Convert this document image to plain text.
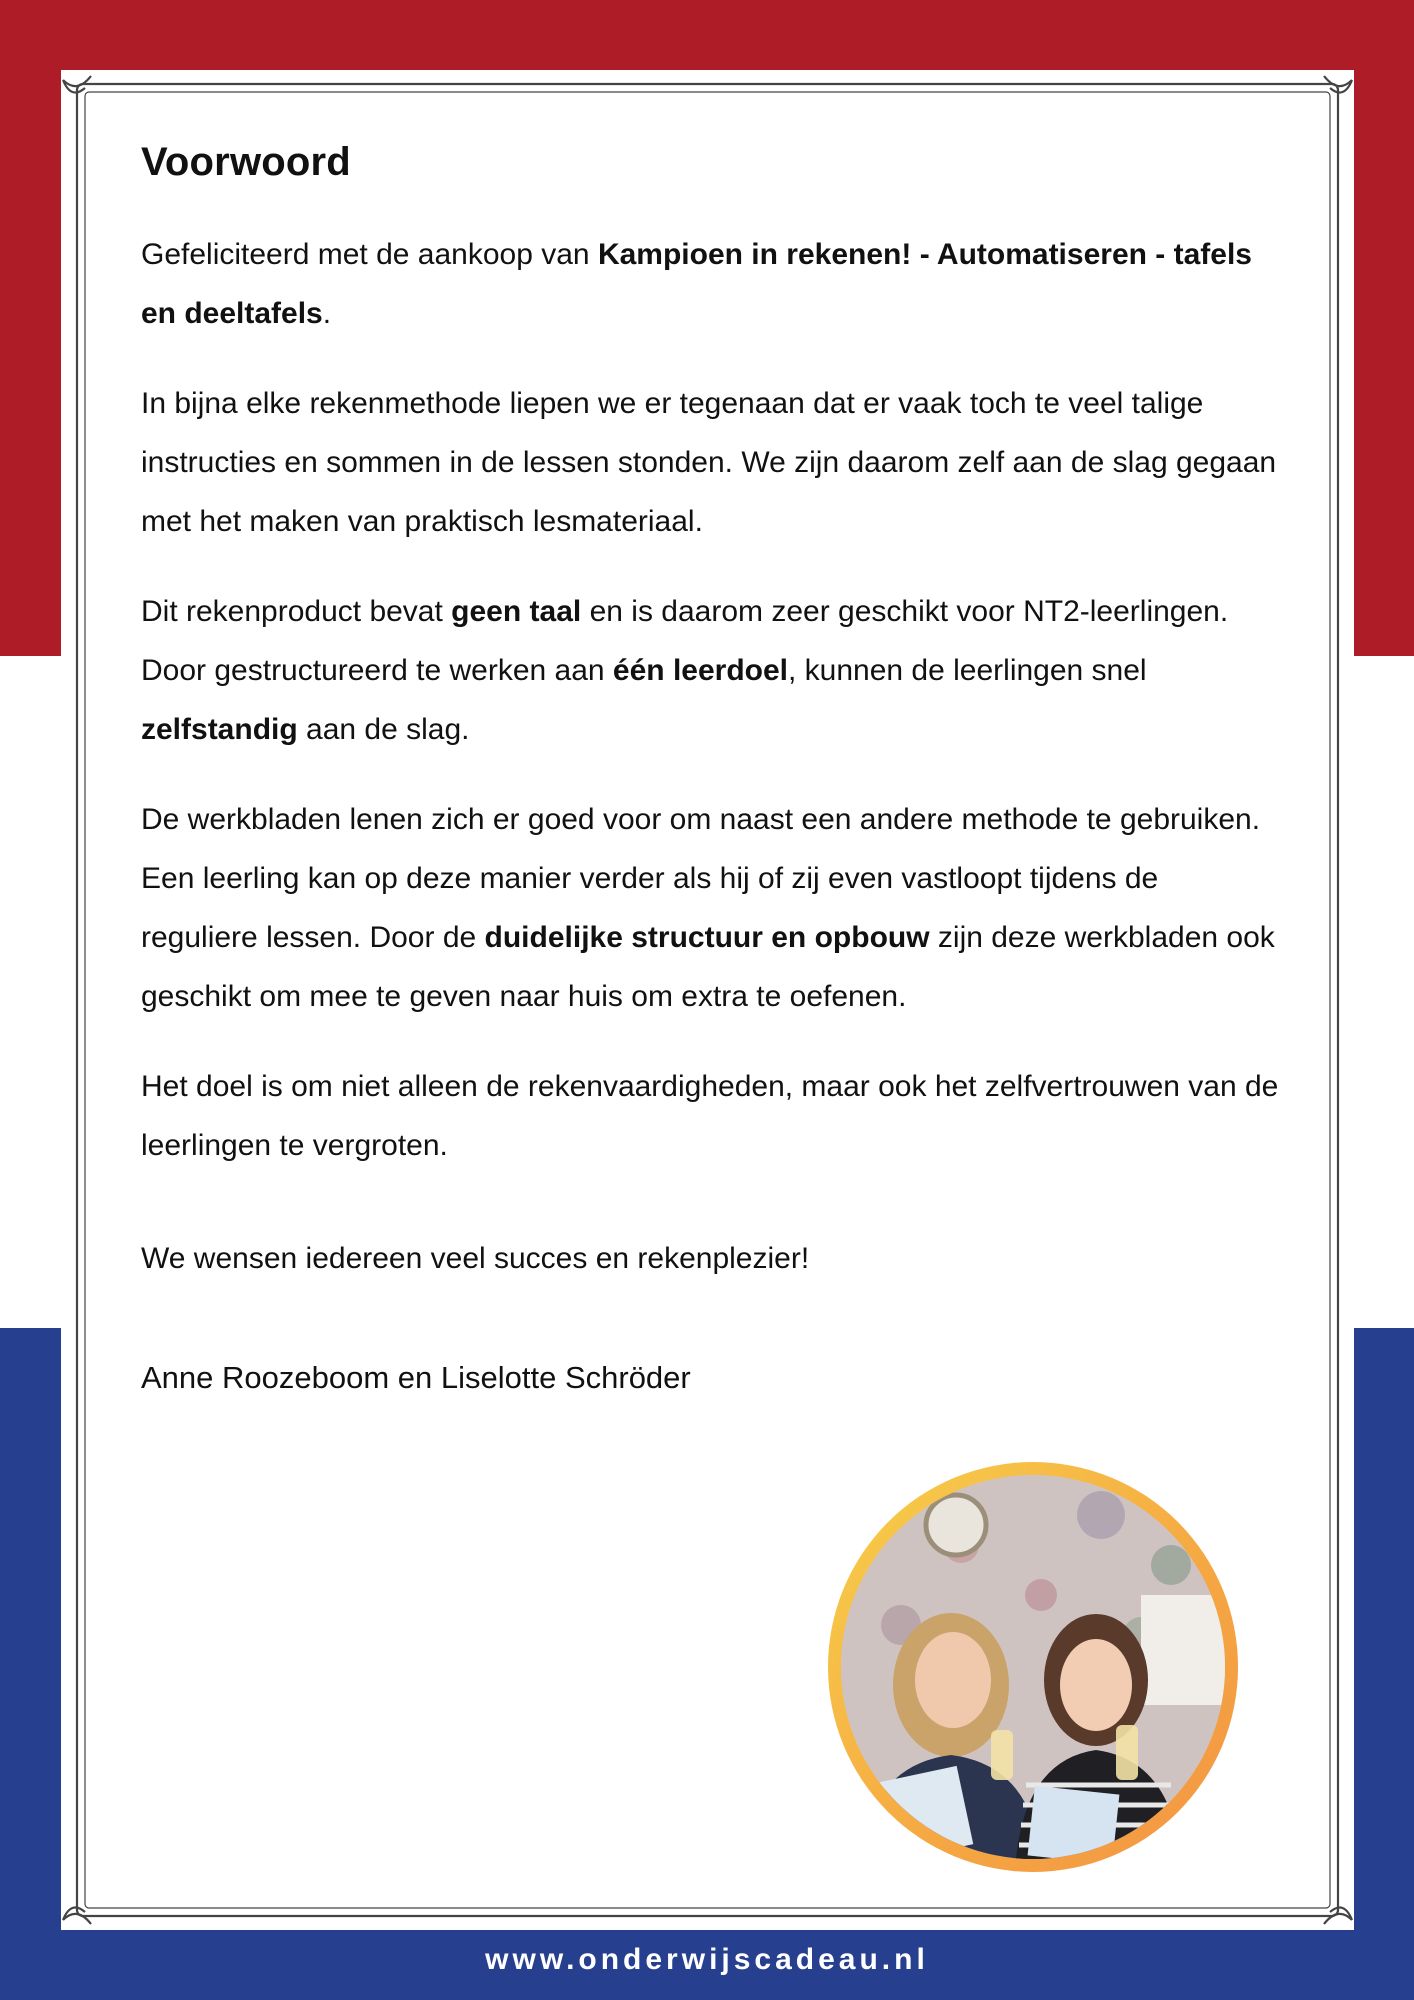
Voorwoord

Gefeliciteerd met de aankoop van Kampioen in rekenen! - Automatiseren - tafels en deeltafels.

In bijna elke rekenmethode liepen we er tegenaan dat er vaak toch te veel talige instructies en sommen in de lessen stonden. We zijn daarom zelf aan de slag gegaan met het maken van praktisch lesmateriaal.

Dit rekenproduct bevat geen taal en is daarom zeer geschikt voor NT2-leerlingen. Door gestructureerd te werken aan één leerdoel, kunnen de leerlingen snel zelfstandig aan de slag.

De werkbladen lenen zich er goed voor om naast een andere methode te gebruiken. Een leerling kan op deze manier verder als hij of zij even vastloopt tijdens de reguliere lessen. Door de duidelijke structuur en opbouw zijn deze werkbladen ook geschikt om mee te geven naar huis om extra te oefenen.

Het doel is om niet alleen de rekenvaardigheden, maar ook het zelfvertrouwen van de leerlingen te vergroten.

We wensen iedereen veel succes en rekenplezier!

Anne Roozeboom en Liselotte Schröder

www.onderwijscadeau.nl
